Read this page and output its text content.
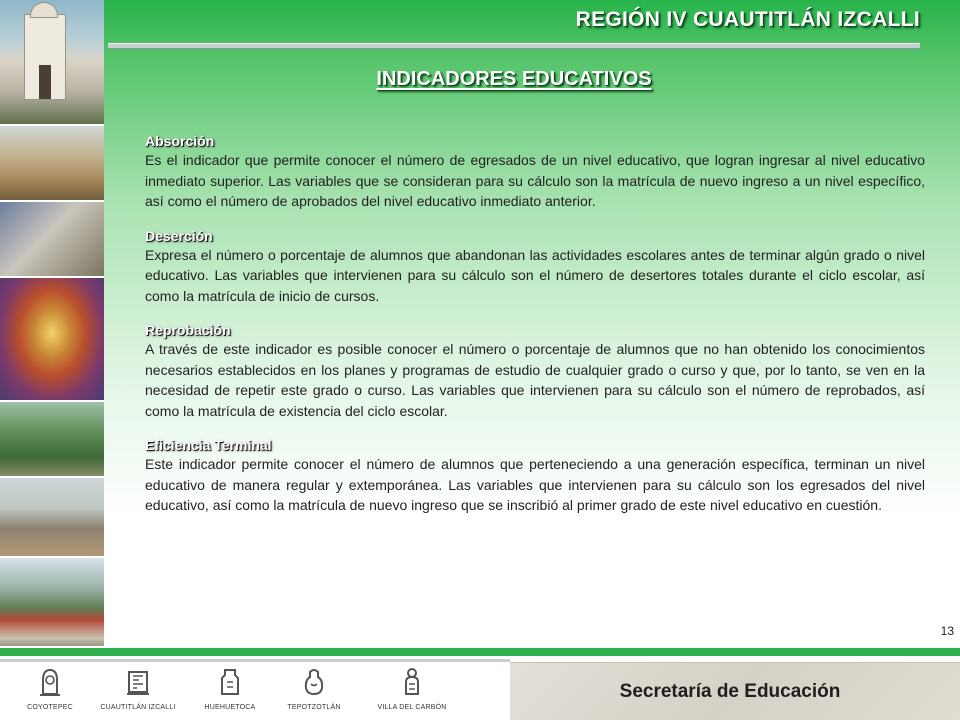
REGIÓN IV CUAUTITLÁN IZCALLI
INDICADORES EDUCATIVOS
Absorción

Es el indicador que permite conocer el número de egresados de un nivel educativo, que logran ingresar al nivel educativo inmediato superior. Las variables que se consideran para su cálculo son la matrícula de nuevo ingreso a un nivel específico, así como el número de aprobados del nivel educativo inmediato anterior.

Deserción

Expresa el número o porcentaje de alumnos que abandonan las actividades escolares antes de terminar algún grado o nivel educativo. Las variables que intervienen para su cálculo son el número de desertores totales durante el ciclo escolar, así como la matrícula de inicio de cursos.

Reprobación

A través de este indicador es posible conocer el número o porcentaje de alumnos que no han obtenido los conocimientos necesarios establecidos en los planes y programas de estudio de cualquier grado o curso y que, por lo tanto, se ven en la necesidad de repetir este grado o curso. Las variables que intervienen para su cálculo son el número de reprobados, así como la matrícula de existencia del ciclo escolar.

Eficiencia Terminal

Este indicador permite conocer el número de alumnos que perteneciendo a una generación específica, terminan un nivel educativo de manera regular y extemporánea. Las variables que intervienen para su cálculo son los egresados del nivel educativo, así como la matrícula de nuevo ingreso que se inscribió al primer grado de este nivel educativo en cuestión.

13
COYOTEPEC	CUAUTITLÁN IZCALLI	HUEHUETOCA	TEPOTZOTLÁN	VILLA DEL CARBÓN
Secretaría de Educación
